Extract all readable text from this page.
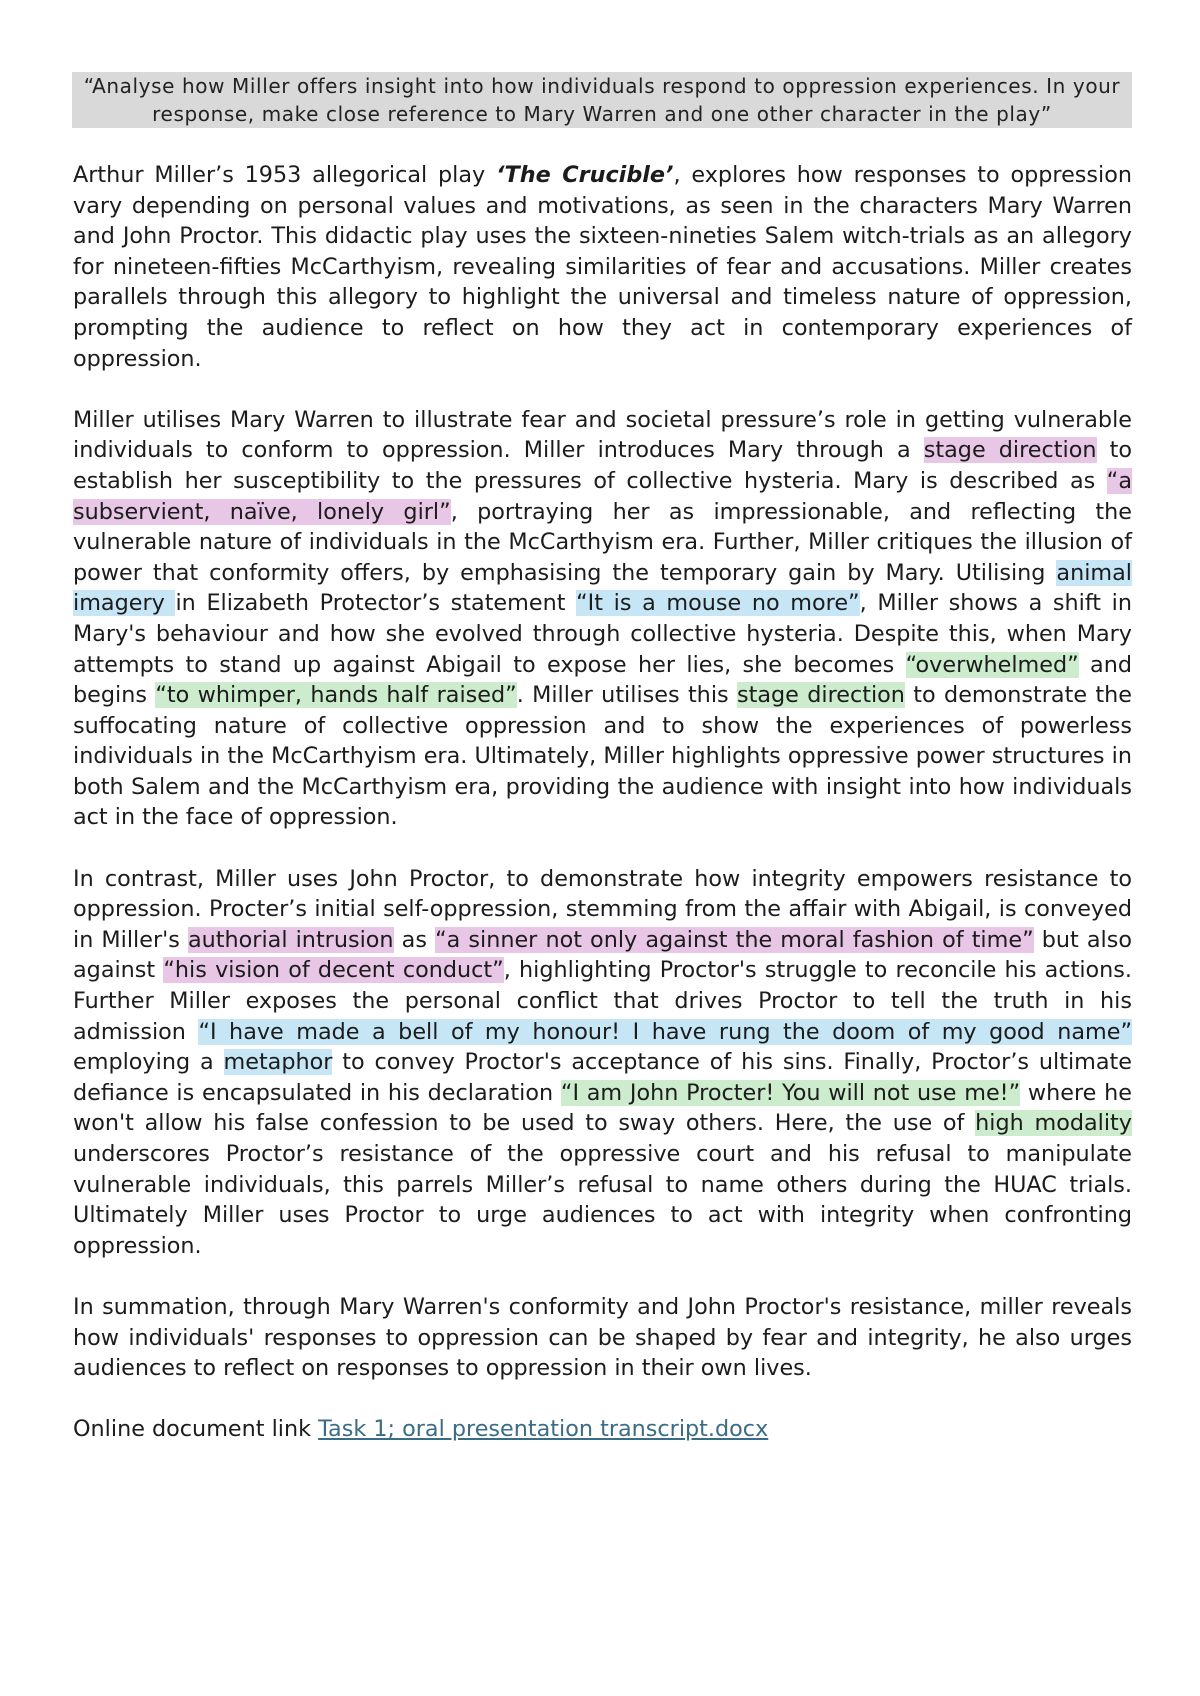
“Analyse how Miller offers insight into how individuals respond to oppression experiences. In your response, make close reference to Mary Warren and one other character in the play”

Arthur Miller’s 1953 allegorical play ‘The Crucible’, explores how responses to oppression vary depending on personal values and motivations, as seen in the characters Mary Warren and John Proctor. This didactic play uses the sixteen-nineties Salem witch-trials as an allegory for nineteen-fifties McCarthyism, revealing similarities of fear and accusations. Miller creates parallels through this allegory to highlight the universal and timeless nature of oppression, prompting the audience to reflect on how they act in contemporary experiences of oppression.

Miller utilises Mary Warren to illustrate fear and societal pressure’s role in getting vulnerable individuals to conform to oppression. Miller introduces Mary through a stage direction to establish her susceptibility to the pressures of collective hysteria. Mary is described as “a subservient, naïve, lonely girl”, portraying her as impressionable, and reflecting the vulnerable nature of individuals in the McCarthyism era. Further, Miller critiques the illusion of power that conformity offers, by emphasising the temporary gain by Mary. Utilising animal imagery in Elizabeth Protector’s statement “It is a mouse no more”, Miller shows a shift in Mary's behaviour and how she evolved through collective hysteria. Despite this, when Mary attempts to stand up against Abigail to expose her lies, she becomes “overwhelmed” and begins “to whimper, hands half raised”. Miller utilises this stage direction to demonstrate the suffocating nature of collective oppression and to show the experiences of powerless individuals in the McCarthyism era. Ultimately, Miller highlights oppressive power structures in both Salem and the McCarthyism era, providing the audience with insight into how individuals act in the face of oppression.

In contrast, Miller uses John Proctor, to demonstrate how integrity empowers resistance to oppression. Procter’s initial self-oppression, stemming from the affair with Abigail, is conveyed in Miller's authorial intrusion as “a sinner not only against the moral fashion of time” but also against “his vision of decent conduct”, highlighting Proctor's struggle to reconcile his actions. Further Miller exposes the personal conflict that drives Proctor to tell the truth in his admission “I have made a bell of my honour! I have rung the doom of my good name” employing a metaphor to convey Proctor's acceptance of his sins. Finally, Proctor’s ultimate defiance is encapsulated in his declaration “I am John Procter! You will not use me!” where he won't allow his false confession to be used to sway others. Here, the use of high modality underscores Proctor’s resistance of the oppressive court and his refusal to manipulate vulnerable individuals, this parrels Miller’s refusal to name others during the HUAC trials. Ultimately Miller uses Proctor to urge audiences to act with integrity when confronting oppression.

In summation, through Mary Warren's conformity and John Proctor's resistance, miller reveals how individuals' responses to oppression can be shaped by fear and integrity, he also urges audiences to reflect on responses to oppression in their own lives.

Online document link Task 1; oral presentation transcript.docx
